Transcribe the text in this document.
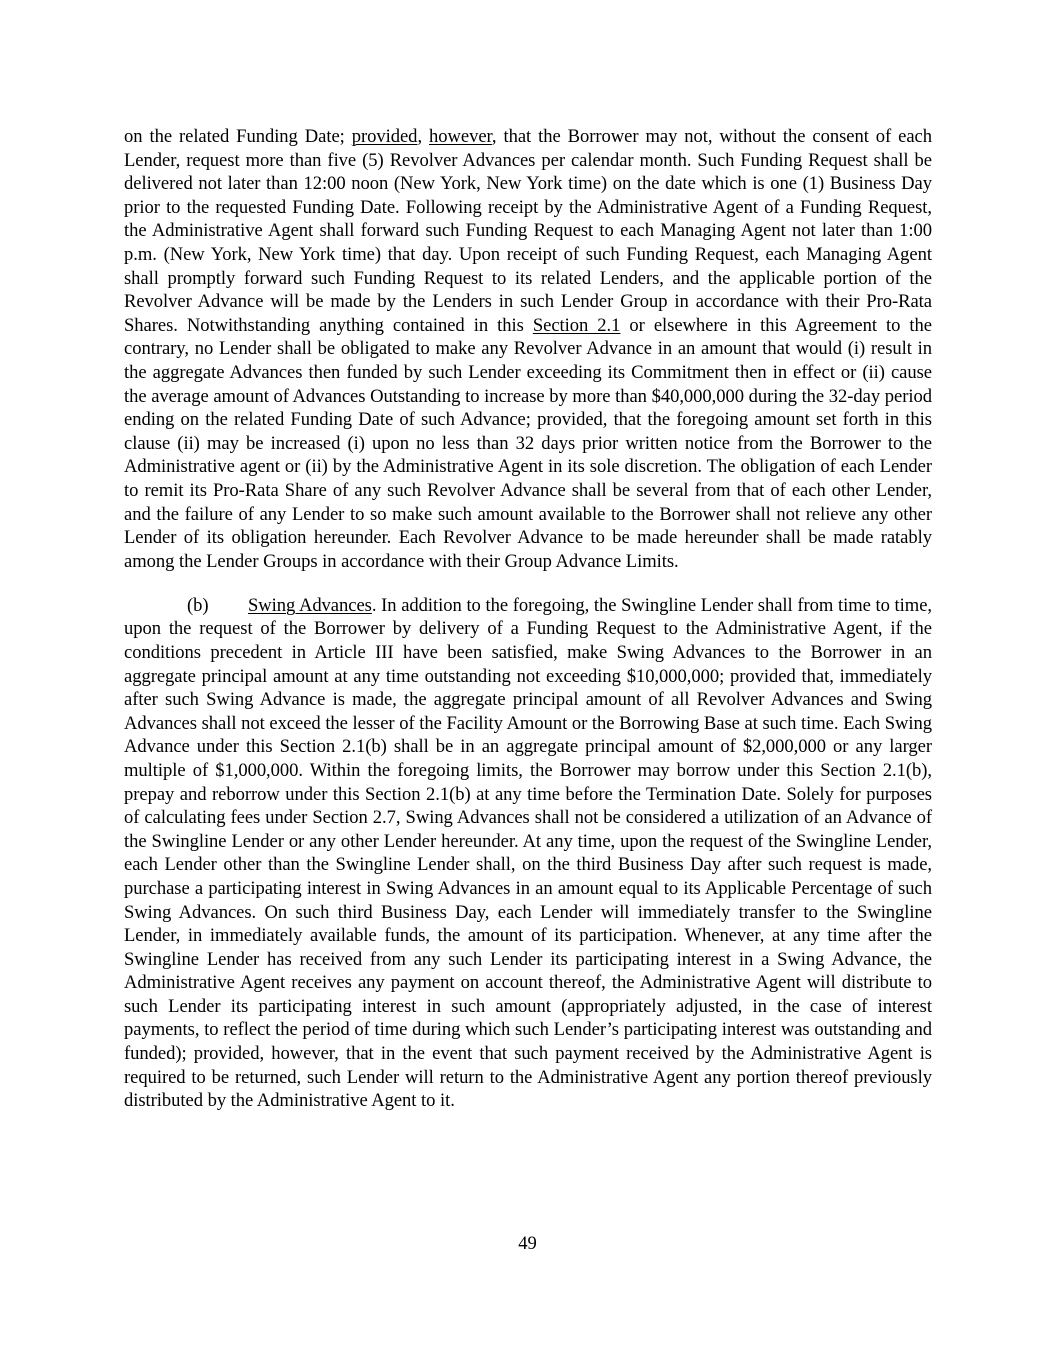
on the related Funding Date; provided, however, that the Borrower may not, without the consent of each Lender, request more than five (5) Revolver Advances per calendar month. Such Funding Request shall be delivered not later than 12:00 noon (New York, New York time) on the date which is one (1) Business Day prior to the requested Funding Date. Following receipt by the Administrative Agent of a Funding Request, the Administrative Agent shall forward such Funding Request to each Managing Agent not later than 1:00 p.m. (New York, New York time) that day. Upon receipt of such Funding Request, each Managing Agent shall promptly forward such Funding Request to its related Lenders, and the applicable portion of the Revolver Advance will be made by the Lenders in such Lender Group in accordance with their Pro-Rata Shares. Notwithstanding anything contained in this Section 2.1 or elsewhere in this Agreement to the contrary, no Lender shall be obligated to make any Revolver Advance in an amount that would (i) result in the aggregate Advances then funded by such Lender exceeding its Commitment then in effect or (ii) cause the average amount of Advances Outstanding to increase by more than $40,000,000 during the 32-day period ending on the related Funding Date of such Advance; provided, that the foregoing amount set forth in this clause (ii) may be increased (i) upon no less than 32 days prior written notice from the Borrower to the Administrative agent or (ii) by the Administrative Agent in its sole discretion. The obligation of each Lender to remit its Pro-Rata Share of any such Revolver Advance shall be several from that of each other Lender, and the failure of any Lender to so make such amount available to the Borrower shall not relieve any other Lender of its obligation hereunder. Each Revolver Advance to be made hereunder shall be made ratably among the Lender Groups in accordance with their Group Advance Limits.

(b) Swing Advances. In addition to the foregoing, the Swingline Lender shall from time to time, upon the request of the Borrower by delivery of a Funding Request to the Administrative Agent, if the conditions precedent in Article III have been satisfied, make Swing Advances to the Borrower in an aggregate principal amount at any time outstanding not exceeding $10,000,000; provided that, immediately after such Swing Advance is made, the aggregate principal amount of all Revolver Advances and Swing Advances shall not exceed the lesser of the Facility Amount or the Borrowing Base at such time. Each Swing Advance under this Section 2.1(b) shall be in an aggregate principal amount of $2,000,000 or any larger multiple of $1,000,000. Within the foregoing limits, the Borrower may borrow under this Section 2.1(b), prepay and reborrow under this Section 2.1(b) at any time before the Termination Date. Solely for purposes of calculating fees under Section 2.7, Swing Advances shall not be considered a utilization of an Advance of the Swingline Lender or any other Lender hereunder. At any time, upon the request of the Swingline Lender, each Lender other than the Swingline Lender shall, on the third Business Day after such request is made, purchase a participating interest in Swing Advances in an amount equal to its Applicable Percentage of such Swing Advances. On such third Business Day, each Lender will immediately transfer to the Swingline Lender, in immediately available funds, the amount of its participation. Whenever, at any time after the Swingline Lender has received from any such Lender its participating interest in a Swing Advance, the Administrative Agent receives any payment on account thereof, the Administrative Agent will distribute to such Lender its participating interest in such amount (appropriately adjusted, in the case of interest payments, to reflect the period of time during which such Lender’s participating interest was outstanding and funded); provided, however, that in the event that such payment received by the Administrative Agent is required to be returned, such Lender will return to the Administrative Agent any portion thereof previously distributed by the Administrative Agent to it.

49
